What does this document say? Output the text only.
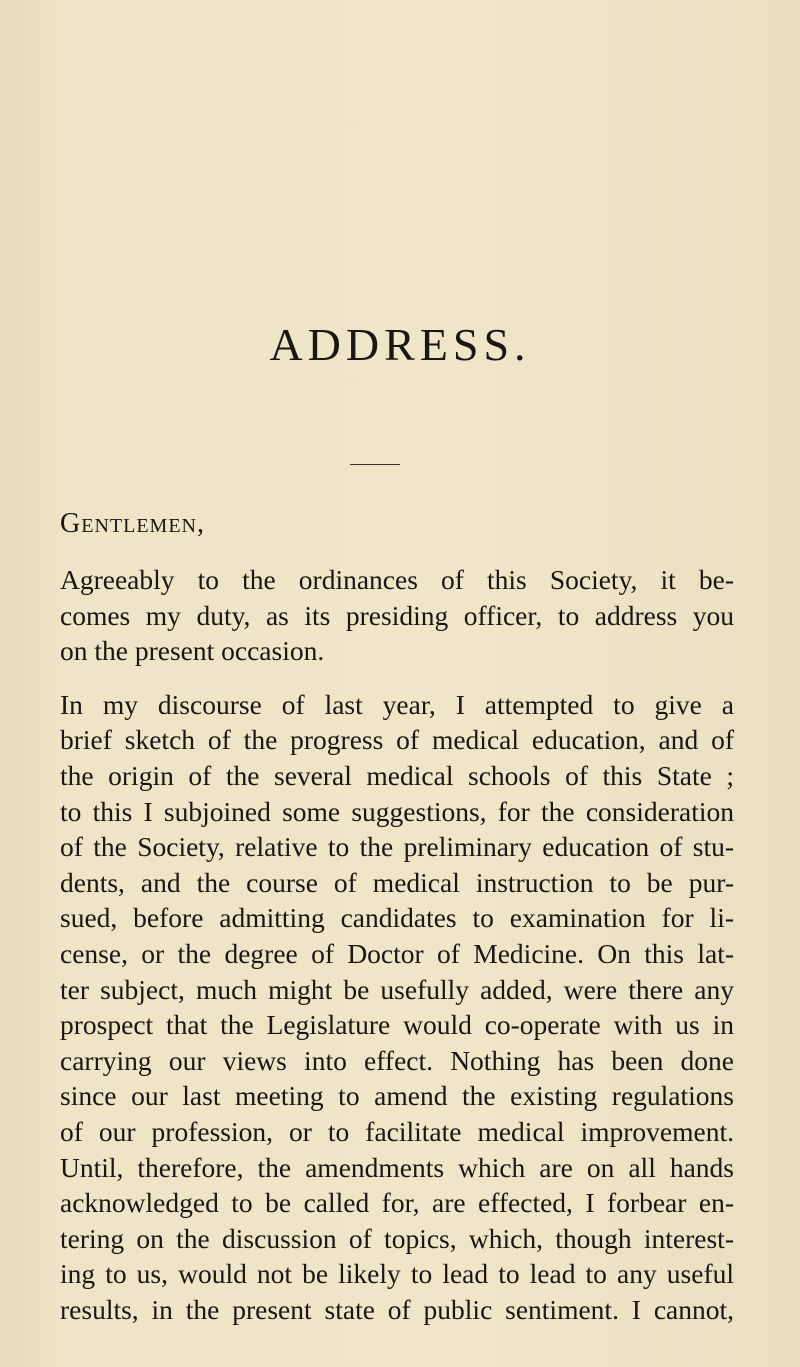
ADDRESS.
Gentlemen,

Agreeably to the ordinances of this Society, it be-
comes my duty, as its presiding officer, to address you
on the present occasion.

In my discourse of last year, I attempted to give a
brief sketch of the progress of medical education, and of
the origin of the several medical schools of this State ;
to this I subjoined some suggestions, for the consideration
of the Society, relative to the preliminary education of stu-
dents, and the course of medical instruction to be pur-
sued, before admitting candidates to examination for li-
cense, or the degree of Doctor of Medicine. On this lat-
ter subject, much might be usefully added, were there any
prospect that the Legislature would co-operate with us in
carrying our views into effect. Nothing has been done
since our last meeting to amend the existing regulations
of our profession, or to facilitate medical improvement.
Until, therefore, the amendments which are on all hands
acknowledged to be called for, are effected, I forbear en-
tering on the discussion of topics, which, though interest-
ing to us, would not be likely to lead to lead to any useful
results, in the present state of public sentiment. I cannot,
